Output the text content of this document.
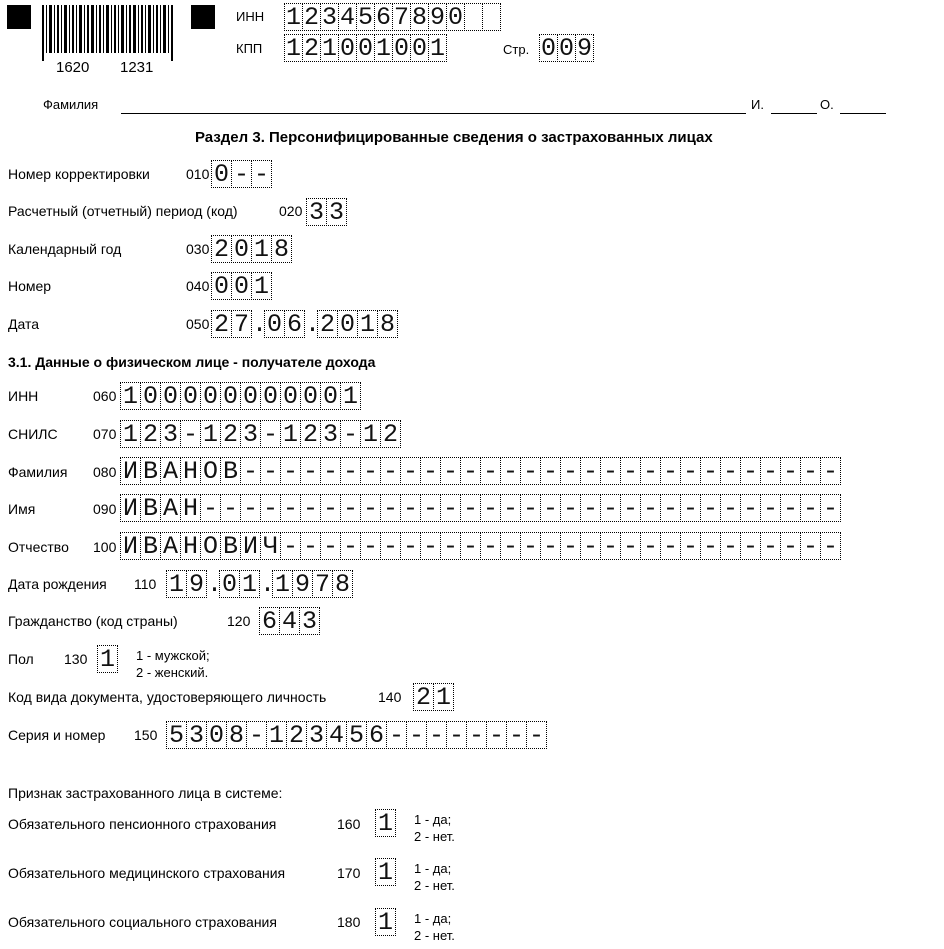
1620 1231
ИНН 1 2 3 4 5 6 7 8 9 0
КПП 1 2 1 0 0 1 0 0 1	Стр. 0 0 9
Фамилия	И.	О.
Раздел 3. Персонифицированные сведения о застрахованных лицах
Номер корректировки	010 0 - -
Расчетный (отчетный) период (код)	020 3 3
Календарный год	030 2 0 1 8
Номер	040 0 0 1
Дата	050 2 7 . 0 6 . 2 0 1 8
3.1. Данные о физическом лице - получателе дохода
ИНН	060 1 0 0 0 0 0 0 0 0 0 0 1
СНИЛС	070 1 2 3 - 1 2 3 - 1 2 3 - 1 2
Фамилия 080 И В А Н О В - - - - - - - - - - - - - - - - - - - - - - - - - - - - - -
Имя	090 И В А Н - - - - - - - - - - - - - - - - - - - - - - - - - - - - - - - -
Отчество 100 И В А Н О В И Ч - - - - - - - - - - - - - - - - - - - - - - - - - - - -
Дата рождения 110 1 9 . 0 1 . 1 9 7 8
Гражданство (код страны)	120 6 4 3
Пол 130 1 1 - мужской;
2 - женский.
Код вида документа, удостоверяющего личность	140 2 1
Серия и номер 150 5 3 0 8 - 1 2 3 4 5 6 - - - - - - - -
Признак застрахованного лица в системе:
Обязательного пенсионного страхования	160 1 1 - да;
2 - нет.
Обязательного медицинского страхования	170 1 1 - да;
2 - нет.
Обязательного социального страхования	180 1 1 - да;
2 - нет.
